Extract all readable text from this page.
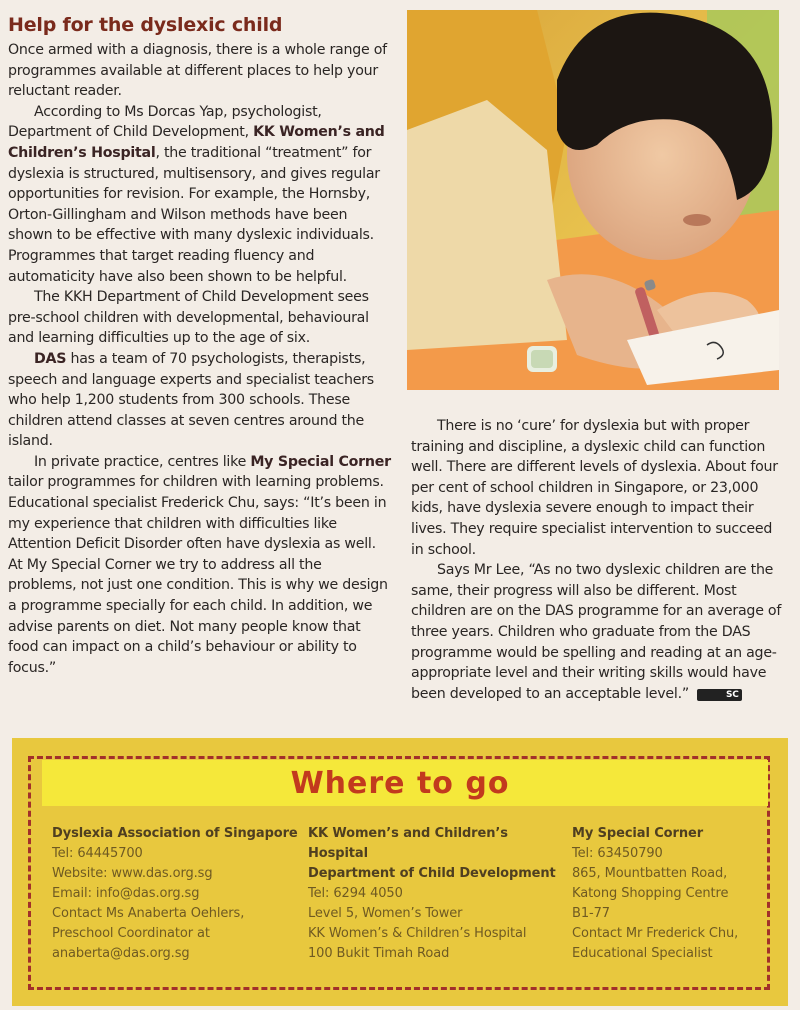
Help for the dyslexic child

Once armed with a diagnosis, there is a whole range of programmes available at different places to help your reluctant reader.

According to Ms Dorcas Yap, psychologist, Department of Child Development, KK Women’s and Children’s Hospital, the traditional “treatment” for dyslexia is structured, multisensory, and gives regular opportunities for revision. For example, the Hornsby, Orton-Gillingham and Wilson methods have been shown to be effective with many dyslexic individuals. Programmes that target reading fluency and automaticity have also been shown to be helpful.

The KKH Department of Child Development sees pre-school children with developmental, behavioural and learning difficulties up to the age of six.

DAS has a team of 70 psychologists, therapists, speech and language experts and specialist teachers who help 1,200 students from 300 schools. These children attend classes at seven centres around the island.

In private practice, centres like My Special Corner tailor programmes for children with learning problems. Educational specialist Frederick Chu, says: “It’s been in my experience that children with difficulties like Attention Deficit Disorder often have dyslexia as well. At My Special Corner we try to address all the problems, not just one condition. This is why we design a programme specially for each child. In addition, we advise parents on diet. Not many people know that food can impact on a child’s behaviour or ability to focus.”

There is no ‘cure’ for dyslexia but with proper training and discipline, a dyslexic child can function well. There are different levels of dyslexia. About four per cent of school children in Singapore, or 23,000 kids, have dyslexia severe enough to impact their lives. They require specialist intervention to succeed in school.

Says Mr Lee, “As no two dyslexic children are the same, their progress will also be different. Most children are on the DAS programme for an average of three years. Children who graduate from the DAS programme would be spelling and reading at an age-appropriate level and their writing skills would have been developed to an acceptable level.”	SC

Where to go
Dyslexia Association of Singapore
Tel: 64445700
Website: www.das.org.sg
Email: info@das.org.sg
Contact Ms Anaberta Oehlers,
Preschool Coordinator at
anaberta@das.org.sg
KK Women’s and Children’s
Hospital
Department of Child Development
Tel: 6294 4050
Level 5, Women’s Tower
KK Women’s & Children’s Hospital
100 Bukit Timah Road
My Special Corner
Tel: 63450790
865, Mountbatten Road,
Katong Shopping Centre
B1-77
Contact Mr Frederick Chu,
Educational Specialist
